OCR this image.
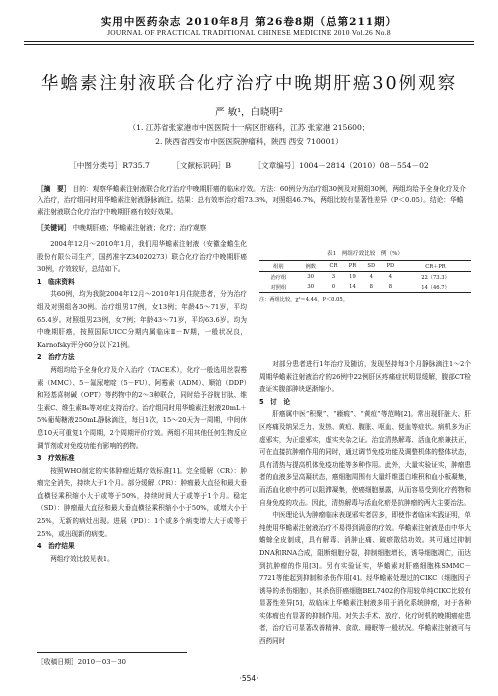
实用中医药杂志 2010年8月 第26卷8期（总第211期）
JOURNAL OF PRACTICAL TRADITIONAL CHINESE MEDICINE 2010 Vol.26 No.8
华蟾素注射液联合化疗治疗中晚期肝癌30例观察
严 敏¹，白晓明²
（1. 江苏省张家港市中医医院十一病区肝癌科，江苏 张家港 215600；
2. 陕西省西安市中医医院肿瘤科，陕西 西安 710001）
［中图分类号］R735.7	［文献标识码］B	［文章编号］1004－2814（2010）08－554－02
［摘　要］ 目的：观察华蟾素注射液联合化疗治疗中晚期肝癌的临床疗效。方法：60例分为治疗组30例及对照组30例，两组均给予全身化疗及介入治疗，治疗组同时用华蟾素注射液静脉滴注。结果：总有效率治疗组73.3%，对照组46.7%，两组比较有显著性差异（P＜0.05）。结论：华蟾素注射液联合化疗治疗中晚期肝癌有较好效果。
［关键词］ 中晚期肝癌；华蟾素注射液；化疗；治疗观察

2004年12月～2010年1月，我们用华蟾素注射液（安徽金蟾生化股份有限公司生产，国药准字Z34020273）联合化疗治疗中晚期肝癌30例，疗效较好，总结如下。

1　临床资料

共60例，均为我院2004年12月～2010年1月住院患者，分为治疗组及对照组各30例。治疗组男17例，女13例；年龄45～71岁，平均65.4岁。对照组男23例，女7例；年龄43～71岁，平均63.6岁。均为中晚期肝癌，按照国际UICC分期内属临床Ⅱ－Ⅳ期，一般状况良，Karnofsky评分60分以下21例。

2　治疗方法

两组均给予全身化疗及介入治疗（TACE术），化疗一般选用丝裂霉素（MMC）、5－氟尿嘧啶（5－FU）、阿霉素（ADM）、顺铂（DDP）和羟基喜树碱（OPT）等药物中的2～3种联合，同时给予谷胱甘肽、维生素C、维生素B₆等对症支持治疗。治疗组同时用华蟾素注射液20mL＋5%葡萄糖液250mL静脉滴注，每日1次，15～20天为一周期，中间休息10天可重复1个周期，2个周期评价疗效。两组不用其他任何生物反应调节剂或对免疫功能有影响的药物。

3　疗效标准

按照WHO制定的实体肿瘤近期疗效标准[1]。完全缓解（CR）：肿瘤完全消失，持续大于1个月。部分缓解（PR）：肿瘤最大直径和最大垂直横径乘积缩小大于或等于50%，持续时间大于或等于1个月。稳定（SD）：肿瘤最大直径和最大垂直横径乘积缩小小于50%，或增大小于25%，无新的病灶出现。进展（PD）：1个或多个病变增大大于或等于25%，或出现新的病变。

4　治疗结果

两组疗效比较见表1。

表1　两组疗效比较　例（%）
组别	例数	CR	PR	SD	PD	CR＋PR
治疗组	30	3	19	4	4	22（73.3）
对照组	30	0	14	8	8	14（46.7）
注：两组比较，χ²＝4.44，P＜0.05。

对部分患者进行1年治疗及随访，发现坚持每3个月静脉滴注1～2个周期华蟾素注射液治疗的26例中22例肝区疼痛症状明显缓解，腹部CT检查证实腹部肿块逐渐缩小。

5　讨　论

肝癌属中医“积聚”、“癥瘕”、“黄疸”等范畴[2]。常出现肝脏大、肝区疼痛及纳呆乏力、发热、黄疸、腹胀、呕血、便血等症状。病机多为正虚邪实，为正虚邪实，虚实夹杂之证。治宜清热解毒、活血化瘀兼扶正，可在直接抗肿瘤作用的同时，通过调节免疫功能及调整机体的整体状态，具有清热与提高机体免疫功能等多种作用。此外，大量实验证实，肿瘤患者的血液多呈高凝状态，癌细胞周围有大量纤维蛋白堆积和血小板凝集，而活血化瘀中药可以阻滞凝集，使癌细胞暴露，从而容易受到化疗药物和自身免疫的攻击。因此，清热解毒与活血化瘀是抗肿瘤的两大主要治法。

中医理论认为肿瘤临床表现邪实者居多，即使作者临床实践证明，单纯使用华蟾素注射液治疗不易得到满意的疗效。华蟾素注射液是由中华大蟾蜍全皮制成，具有解毒、消肿止痛、破瘀散结功效。其可通过抑制DNA和RNA合成，阻断细胞分裂，抑制细胞增长，诱导细胞凋亡，而达到抗肿瘤的作用[3]。另有实验证实，华蟾素对肝癌细胞株SMMC－7721等能起到抑制和杀伤作用[4]。经华蟾素处理过的CIKC（细胞因子诱导的杀伤细胞），其杀伤肝癌细胞BEL7402的作用较单纯CIKC比较有显著性差异[5]，故临床上华蟾素注射液多用于消化系统肿瘤，对于各种实体瘤也有显著的抑制作用。对失去手术、放疗、化疗时机的晚期癌症患者，治疗后可显著改善精神、食欲、睡眠等一般状况。华蟾素注射液可与西药同时

［收稿日期］2010－03－30
·554·
